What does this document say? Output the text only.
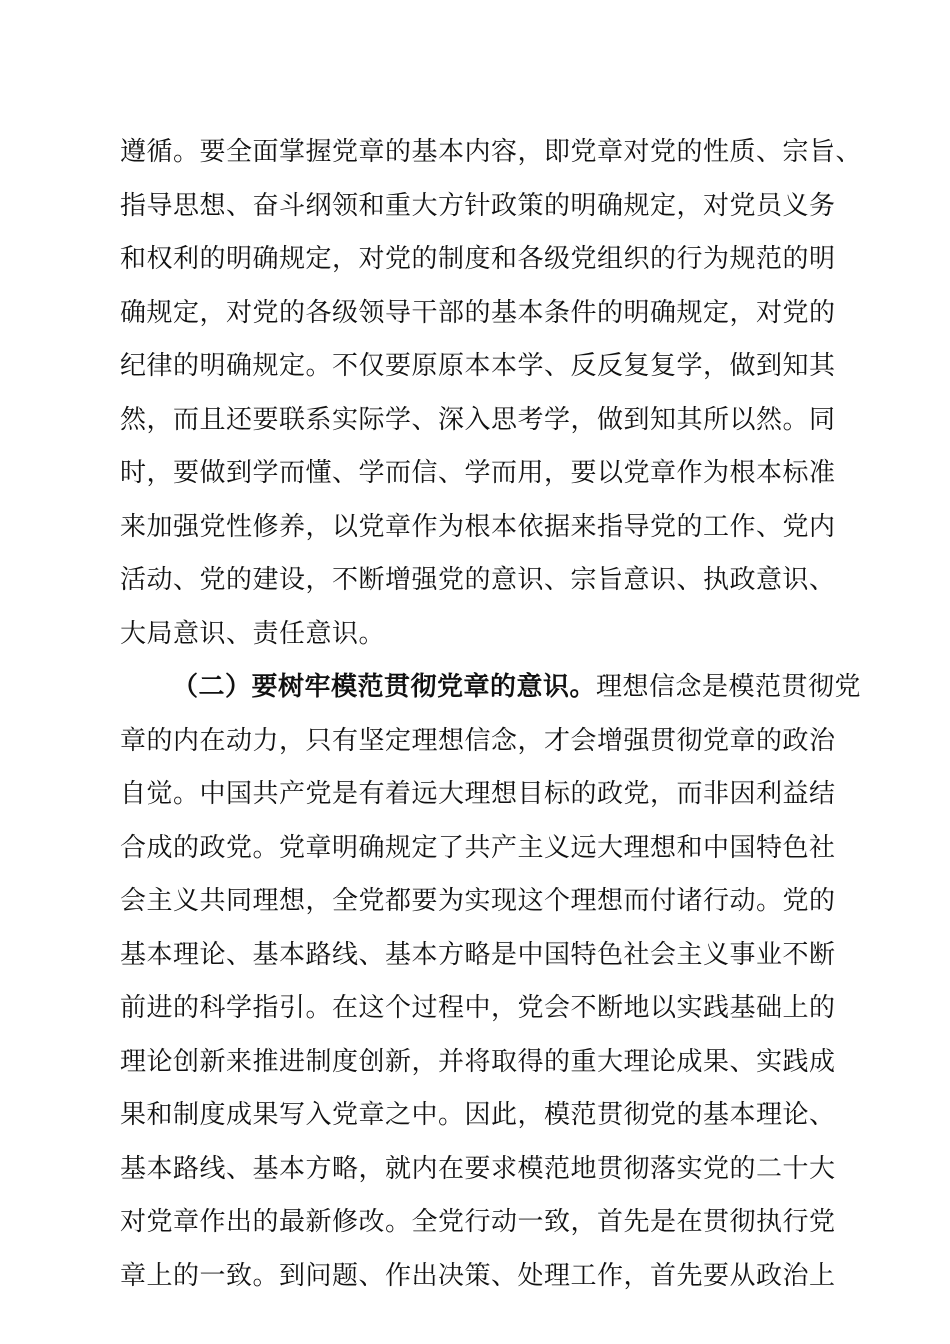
遵循。要全面掌握党章的基本内容，即党章对党的性质、宗旨、
指导思想、奋斗纲领和重大方针政策的明确规定，对党员义务
和权利的明确规定，对党的制度和各级党组织的行为规范的明
确规定，对党的各级领导干部的基本条件的明确规定，对党的
纪律的明确规定。不仅要原原本本学、反反复复学，做到知其
然，而且还要联系实际学、深入思考学，做到知其所以然。同
时，要做到学而懂、学而信、学而用，要以党章作为根本标准
来加强党性修养，以党章作为根本依据来指导党的工作、党内
活动、党的建设，不断增强党的意识、宗旨意识、执政意识、
大局意识、责任意识。
（二）要树牢模范贯彻党章的意识。理想信念是模范贯彻党
章的内在动力，只有坚定理想信念，才会增强贯彻党章的政治
自觉。中国共产党是有着远大理想目标的政党，而非因利益结
合成的政党。党章明确规定了共产主义远大理想和中国特色社
会主义共同理想，全党都要为实现这个理想而付诸行动。党的
基本理论、基本路线、基本方略是中国特色社会主义事业不断
前进的科学指引。在这个过程中，党会不断地以实践基础上的
理论创新来推进制度创新，并将取得的重大理论成果、实践成
果和制度成果写入党章之中。因此，模范贯彻党的基本理论、
基本路线、基本方略，就内在要求模范地贯彻落实党的二十大
对党章作出的最新修改。全党行动一致，首先是在贯彻执行党
章上的一致。到问题、作出决策、处理工作，首先要从政治上
